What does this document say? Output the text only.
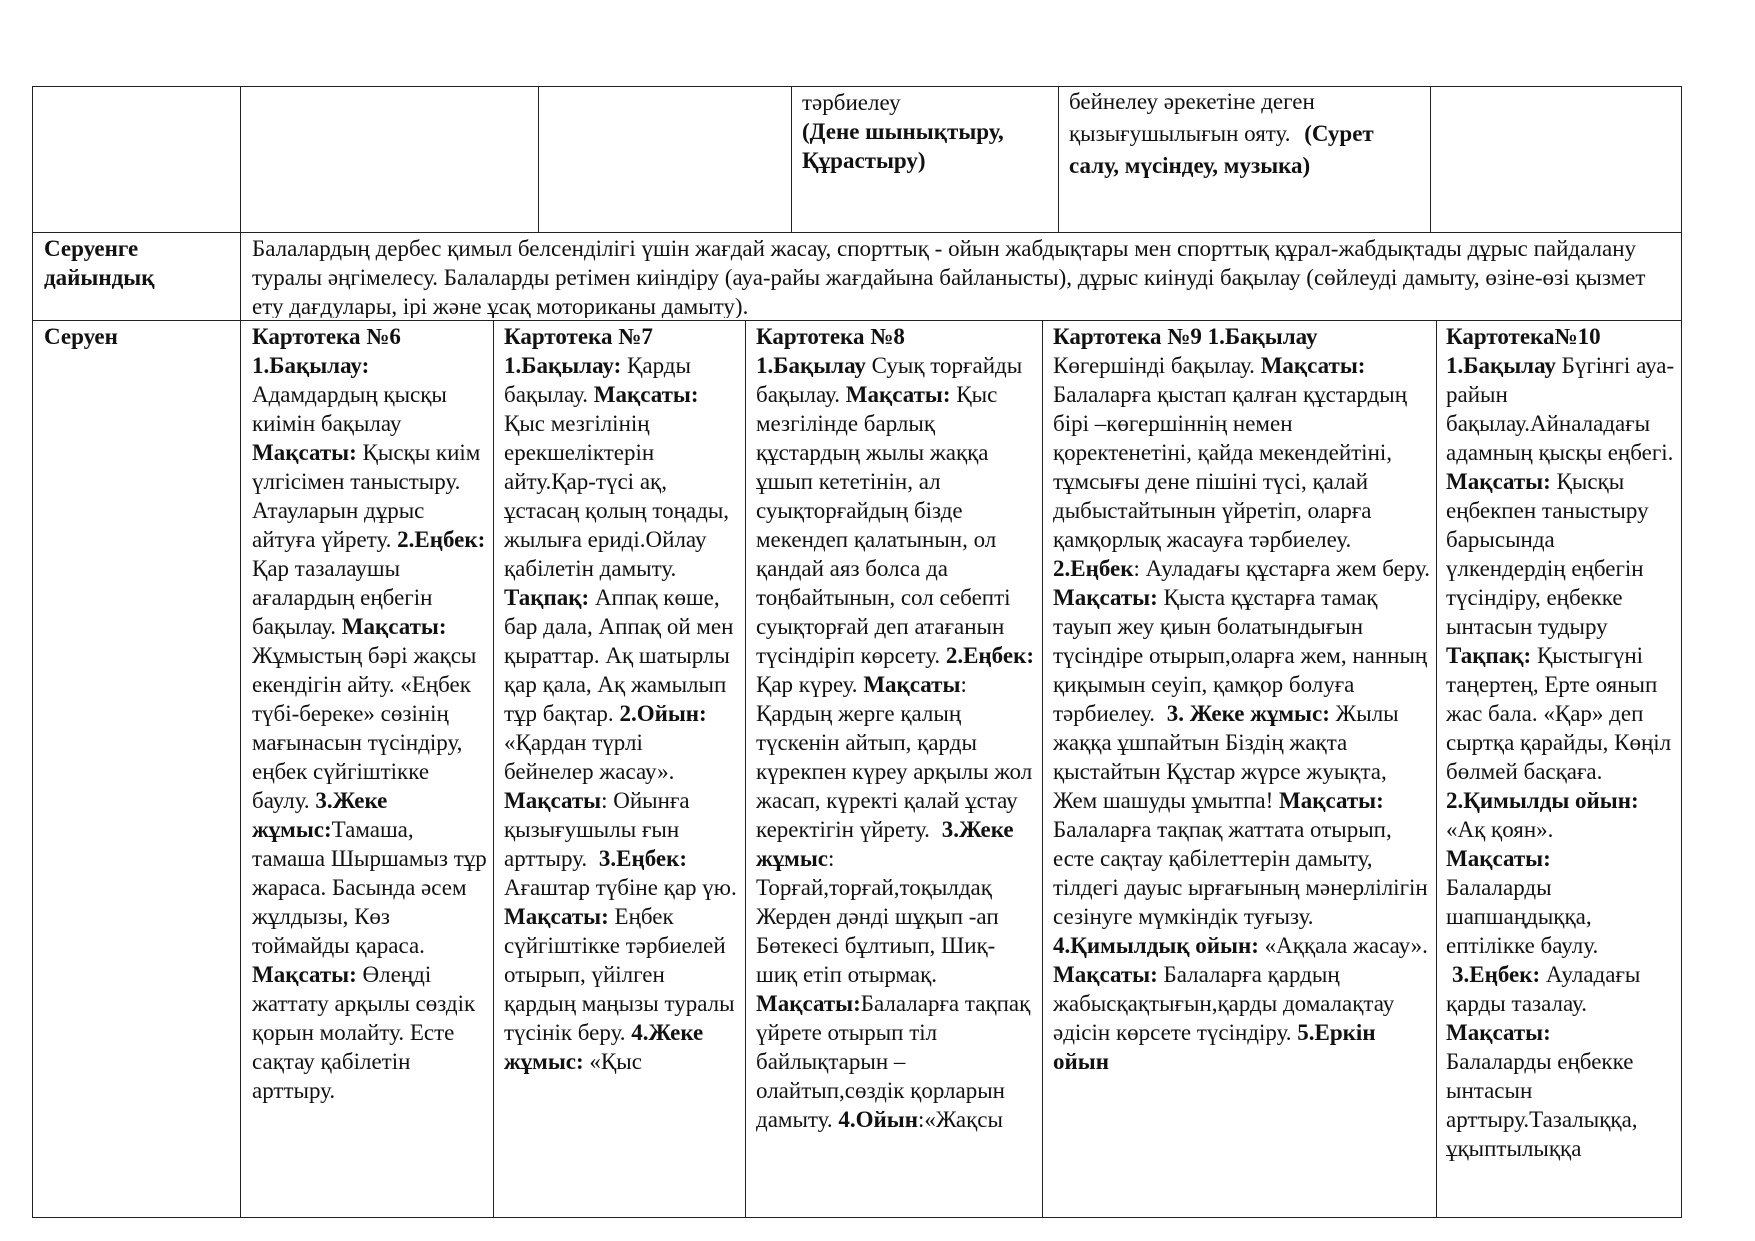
тәрбиелеу
(Дене шынықтыру, Құрастыру)
бейнелеу әрекетіне деген қызығушылығын ояту. (Сурет салу, мүсіндеу, музыка)
Серуенге дайындық
Балалардың дербес қимыл белсенділігі үшін жағдай жасау, спорттық - ойын жабдықтары мен спорттық құрал-жабдықтады дұрыс пайдалану туралы әңгімелесу. Балаларды ретімен киіндіру (ауа-райы жағдайына байланысты), дұрыс киінуді бақылау (сөйлеуді дамыту, өзіне-өзі қызмет ету дағдулары, ірі және ұсақ моториканы дамыту).
Серуен	Картотека №6
1.Бақылау: Адамдардың қысқы киімін бақылау Мақсаты: Қысқы киім үлгісімен таныстыру. Атауларын дұрыс айтуға үйрету. 2.Еңбек: Қар тазалаушы ағалардың еңбегін бақылау. Мақсаты: Жұмыстың бәрі жақсы екендігін айту. «Еңбек түбі-береке» сөзінің мағынасын түсіндіру, еңбек сүйгіштікке баулу. 3.Жеке жұмыс:Тамаша, тамаша Шыршамыз тұр жараса. Басында әсем жұлдызы, Көз тоймайды қараса. Мақсаты: Өлеңді жаттату арқылы сөздік қорын молайту. Есте сақтау қабілетін арттыру.
Картотека №7
1.Бақылау: Қарды бақылау. Мақсаты: Қыс мезгілінің ерекшеліктерін айту.Қар-түсі ақ, ұстасаң қолың тоңады, жылыға ериді.Ойлау қабілетін дамыту. Тақпақ: Аппақ көше, бар дала, Аппақ ой мен қыраттар. Ақ шатырлы қар қала, Ақ жамылып тұр бақтар. 2.Ойын: «Қардан түрлі бейнелер жасау». Мақсаты: Ойынға қызығушылы ғын арттыру. 3.Еңбек: Ағаштар түбіне қар үю. Мақсаты: Еңбек сүйгіштікке тәрбиелей отырып, үйілген қардың маңызы туралы түсінік беру. 4.Жеке жұмыс: «Қыс
Картотека №8
1.Бақылау Суық торғайды бақылау. Мақсаты: Қыс мезгілінде барлық құстардың жылы жаққа ұшып кететінін, ал суықторғайдың бізде мекендеп қалатынын, ол қандай аяз болса да тоңбайтынын, сол себепті суықторғай деп атағанын түсіндіріп көрсету. 2.Еңбек: Қар күреу. Мақсаты: Қардың жерге қалың түскенін айтып, қарды күрекпен күреу арқылы жол жасап, күректі қалай ұстау керектігін үйрету. 3.Жеке жұмыс: Торғай,торғай,тоқылдақ Жерден дәнді шұқып -ап Бөтекесі бұлтиып, Шиқ-шиқ етіп отырмақ. Мақсаты:Балаларға тақпақ үйрете отырып тіл байлықтарын – олайтып,сөздік қорларын дамыту. 4.Ойын:«Жақсы
Картотека №9 1.Бақылау
Көгершінді бақылау. Мақсаты: Балаларға қыстап қалған құстардың бірі –көгершіннің немен қоректенетіні, қайда мекендейтіні, тұмсығы дене пішіні түсі, қалай дыбыстайтынын үйретіп, оларға қамқорлық жасауға тәрбиелеу. 2.Еңбек: Ауладағы құстарға жем беру. Мақсаты: Қыста құстарға тамақ тауып жеу қиын болатындығын түсіндіре отырып,оларға жем, нанның қиқымын сеуіп, қамқор болуға тәрбиелеу. 3. Жеке жұмыс: Жылы жаққа ұшпайтын Біздің жақта қыстайтын Құстар жүрсе жуықта, Жем шашуды ұмытпа! Мақсаты: Балаларға тақпақ жаттата отырып, есте сақтау қабілеттерін дамыту, тілдегі дауыс ырғағының мәнерлілігін сезінуге мүмкіндік туғызу. 4.Қимылдық ойын: «Аққала жасау». Мақсаты: Балаларға қардың жабысқақтығын,қарды домалақтау әдісін көрсете түсіндіру. 5.Еркін ойын
Картотека№10
1.Бақылау Бүгінгі ауа-райын бақылау.Айналадағы адамның қысқы еңбегі. Мақсаты: Қысқы еңбекпен таныстыру барысында үлкендердің еңбегін түсіндіру, еңбекке ынтасын тудыру Тақпақ: Қыстыгүні таңертең, Ерте оянып жас бала. «Қар» деп сыртқа қарайды, Көңіл бөлмей басқаға.
2.Қимылды ойын:
«Ақ қоян».
Мақсаты:
Балаларды шапшаңдыққа, ептілікке баулу. 3.Еңбек: Ауладағы қарды тазалау.
Мақсаты:
Балаларды еңбекке ынтасын арттыру.Тазалыққа, ұқыптылыққа
